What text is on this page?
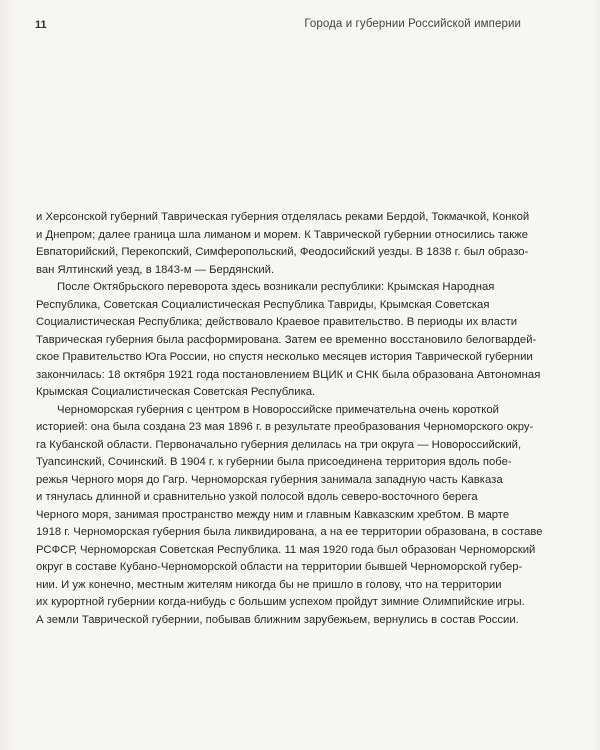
11	Города и губернии Российской империи
и Херсонской губерний Таврическая губерния отделялась реками Бердой, Токмачкой, Конкой
и Днепром; далее граница шла лиманом и морем. К Таврической губернии относились также
Евпаторийский, Перекопский, Симферопольский, Феодосийский уезды. В 1838 г. был образо-
ван Ялтинский уезд, в 1843-м — Бердянский.
После Октябрьского переворота здесь возникали республики: Крымская Народная
Республика, Советская Социалистическая Республика Тавриды, Крымская Советская
Социалистическая Республика; действовало Краевое правительство. В периоды их власти
Таврическая губерния была расформирована. Затем ее временно восстановило белогвардей-
ское Правительство Юга России, но спустя несколько месяцев история Таврической губернии
закончилась: 18 октября 1921 года постановлением ВЦИК и СНК была образована Автономная
Крымская Социалистическая Советская Республика.
Черноморская губерния с центром в Новороссийске примечательна очень короткой
историей: она была создана 23 мая 1896 г. в результате преобразования Черноморского окру-
га Кубанской области. Первоначально губерния делилась на три округа — Новороссийский,
Туапсинский, Сочинский. В 1904 г. к губернии была присоединена территория вдоль побе-
режья Черного моря до Гагр. Черноморская губерния занимала западную часть Кавказа
и тянулась длинной и сравнительно узкой полосой вдоль северо-восточного берега
Черного моря, занимая пространство между ним и главным Кавказским хребтом. В марте
1918 г. Черноморская губерния была ликвидирована, а на ее территории образована, в составе
РСФСР, Черноморская Советская Республика. 11 мая 1920 года был образован Черноморский
округ в составе Кубано-Черноморской области на территории бывшей Черноморской губер-
нии. И уж конечно, местным жителям никогда бы не пришло в голову, что на территории
их курортной губернии когда-нибудь с большим успехом пройдут зимние Олимпийские игры.
А земли Таврической губернии, побывав ближним зарубежьем, вернулись в состав России.
